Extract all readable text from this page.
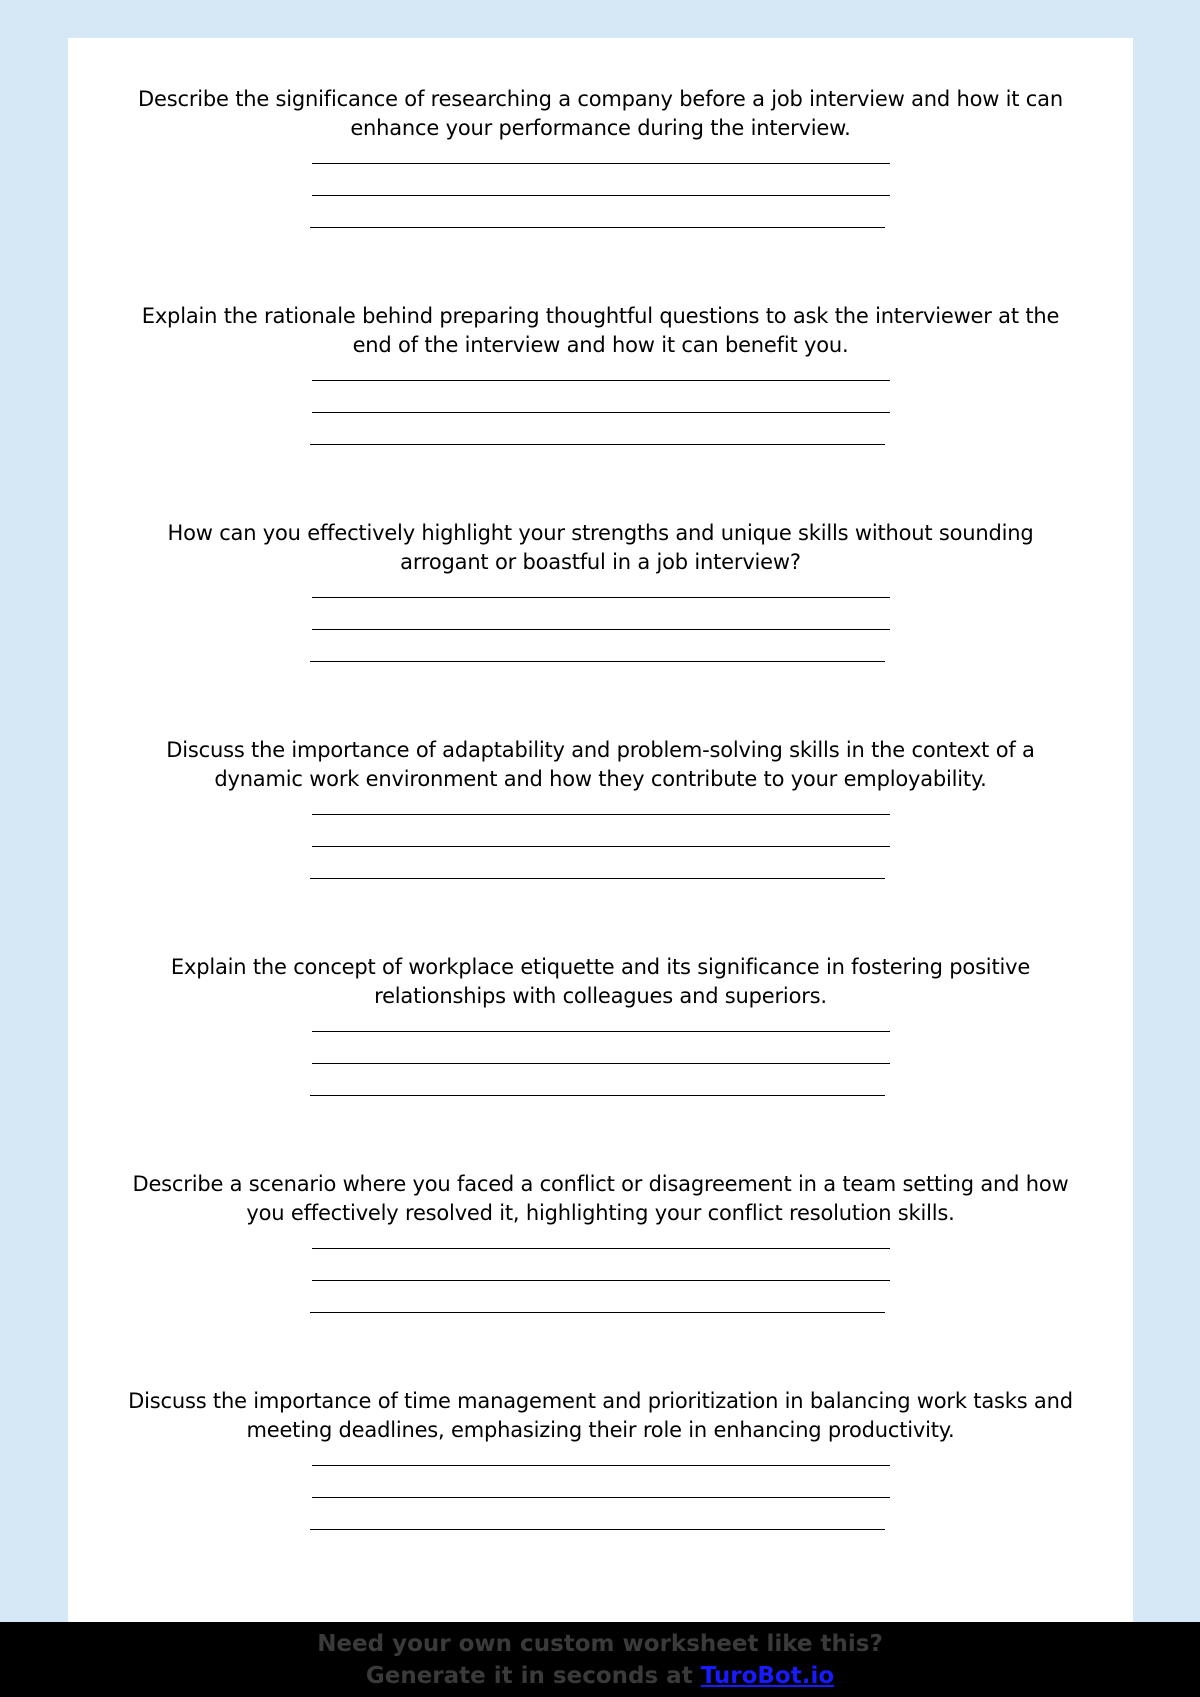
Describe the significance of researching a company before a job interview and how it can enhance your performance during the interview.

Explain the rationale behind preparing thoughtful questions to ask the interviewer at the end of the interview and how it can benefit you.

How can you effectively highlight your strengths and unique skills without sounding arrogant or boastful in a job interview?

Discuss the importance of adaptability and problem-solving skills in the context of a dynamic work environment and how they contribute to your employability.

Explain the concept of workplace etiquette and its significance in fostering positive relationships with colleagues and superiors.

Describe a scenario where you faced a conflict or disagreement in a team setting and how you effectively resolved it, highlighting your conflict resolution skills.

Discuss the importance of time management and prioritization in balancing work tasks and meeting deadlines, emphasizing their role in enhancing productivity.

Need your own custom worksheet like this?
Generate it in seconds at TuroBot.io
